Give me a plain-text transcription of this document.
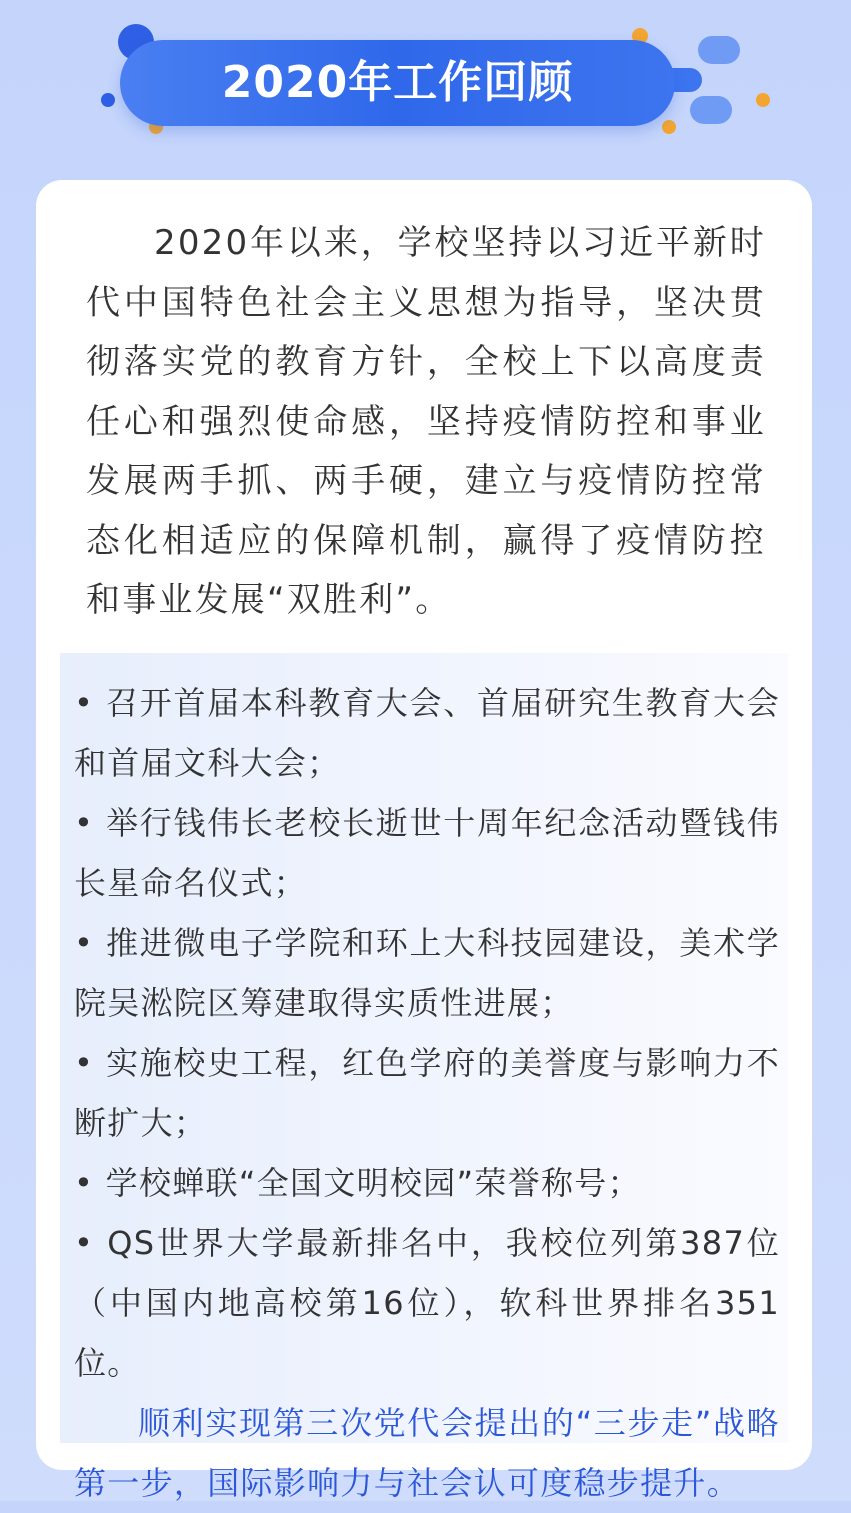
2020年工作回顾

2020年以来，学校坚持以习近平新时代中国特色社会主义思想为指导，坚决贯彻落实党的教育方针，全校上下以高度责任心和强烈使命感，坚持疫情防控和事业发展两手抓、两手硬，建立与疫情防控常态化相适应的保障机制，赢得了疫情防控和事业发展“双胜利”。

• 召开首届本科教育大会、首届研究生教育大会和首届文科大会；

• 举行钱伟长老校长逝世十周年纪念活动暨钱伟长星命名仪式；

• 推进微电子学院和环上大科技园建设，美术学院吴淞院区筹建取得实质性进展；

• 实施校史工程，红色学府的美誉度与影响力不断扩大；

• 学校蝉联“全国文明校园”荣誉称号；

• QS世界大学最新排名中，我校位列第387位（中国内地高校第16位），软科世界排名351位。

顺利实现第三次党代会提出的“三步走”战略第一步，国际影响力与社会认可度稳步提升。
